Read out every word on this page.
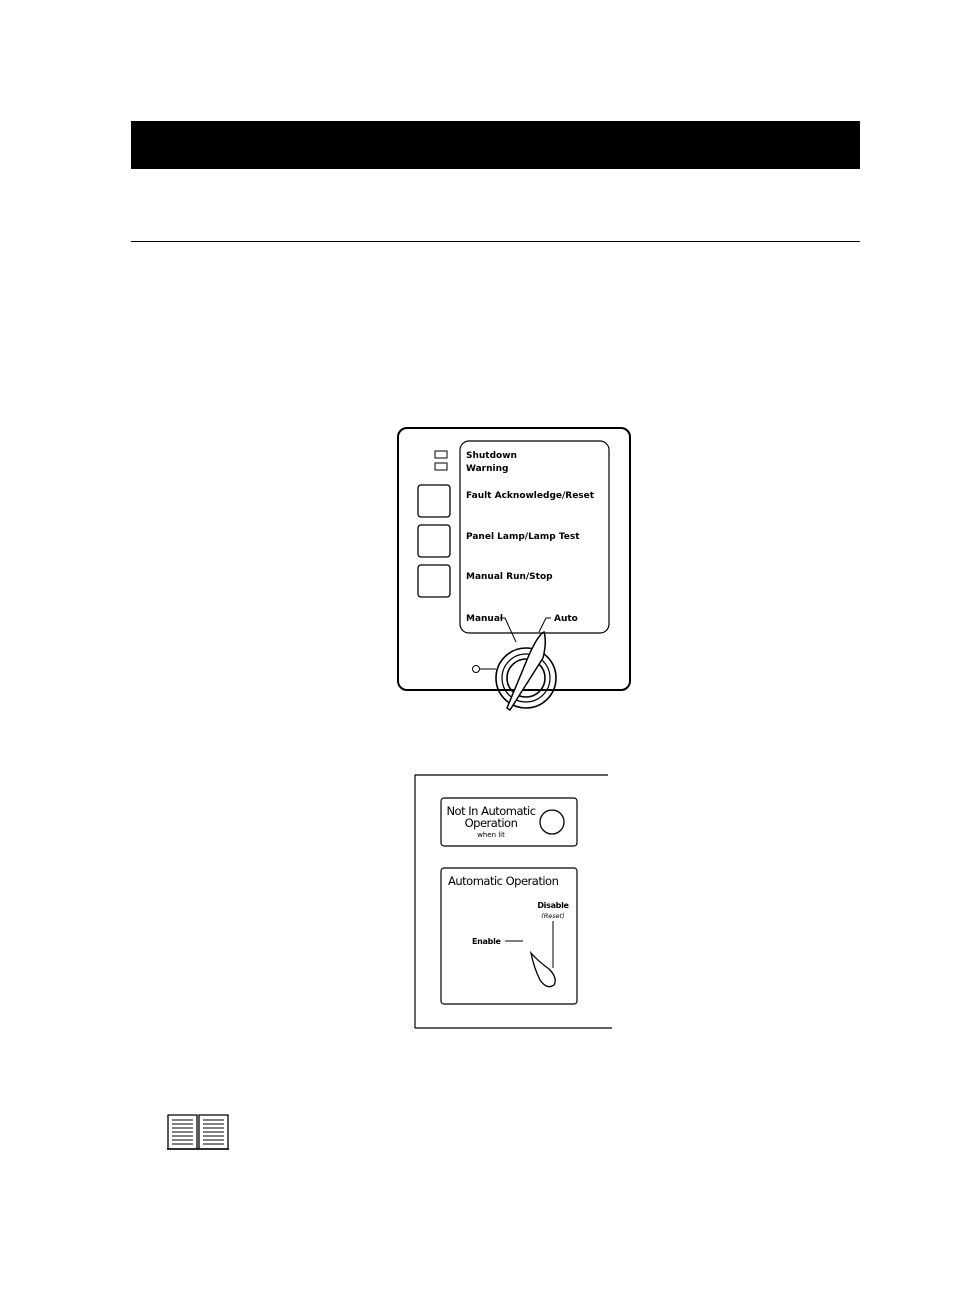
Shutdown
Warning
Fault Acknowledge/Reset
Panel Lamp/Lamp Test
Manual Run/Stop
Manual	Auto
Not In Automatic
Operation
when lit
Automatic Operation
Disable
(Reset)
Enable
